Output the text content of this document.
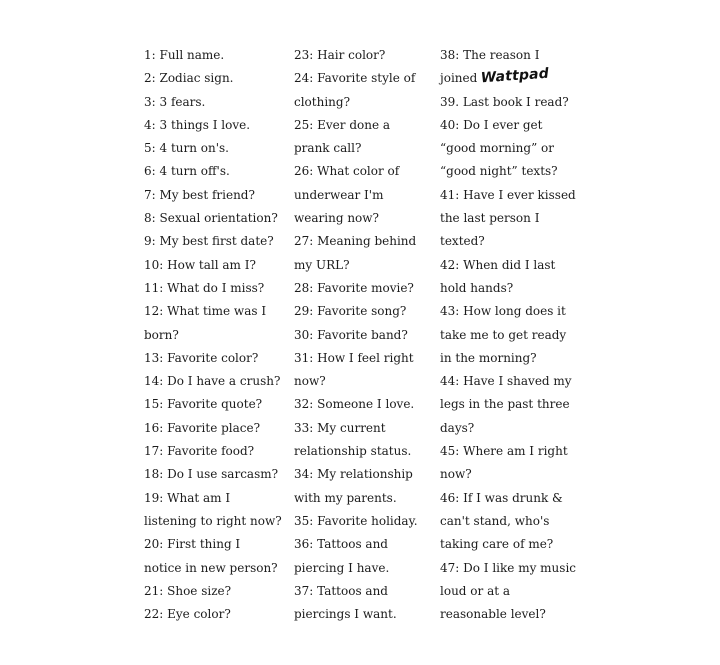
1: Full name.
2: Zodiac sign.
3: 3 fears.
4: 3 things I love.
5: 4 turn on's.
6: 4 turn off's.
7: My best friend?
8: Sexual orientation?
9: My best first date?
10: How tall am I?
11: What do I miss?
12: What time was I
born?
13: Favorite color?
14: Do I have a crush?
15: Favorite quote?
16: Favorite place?
17: Favorite food?
18: Do I use sarcasm?
19: What am I
listening to right now?
20: First thing I
notice in new person?
21: Shoe size?
22: Eye color?
23: Hair color?
24: Favorite style of
clothing?
25: Ever done a
prank call?
26: What color of
underwear I'm
wearing now?
27: Meaning behind
my URL?
28: Favorite movie?
29: Favorite song?
30: Favorite band?
31: How I feel right
now?
32: Someone I love.
33: My current
relationship status.
34: My relationship
with my parents.
35: Favorite holiday.
36: Tattoos and
piercing I have.
37: Tattoos and
piercings I want.
38: The reason I
joined Wattpad
39. Last book I read?
40: Do I ever get
“good morning” or
“good night” texts?
41: Have I ever kissed
the last person I
texted?
42: When did I last
hold hands?
43: How long does it
take me to get ready
in the morning?
44: Have I shaved my
legs in the past three
days?
45: Where am I right
now?
46: If I was drunk &
can't stand, who's
taking care of me?
47: Do I like my music
loud or at a
reasonable level?
